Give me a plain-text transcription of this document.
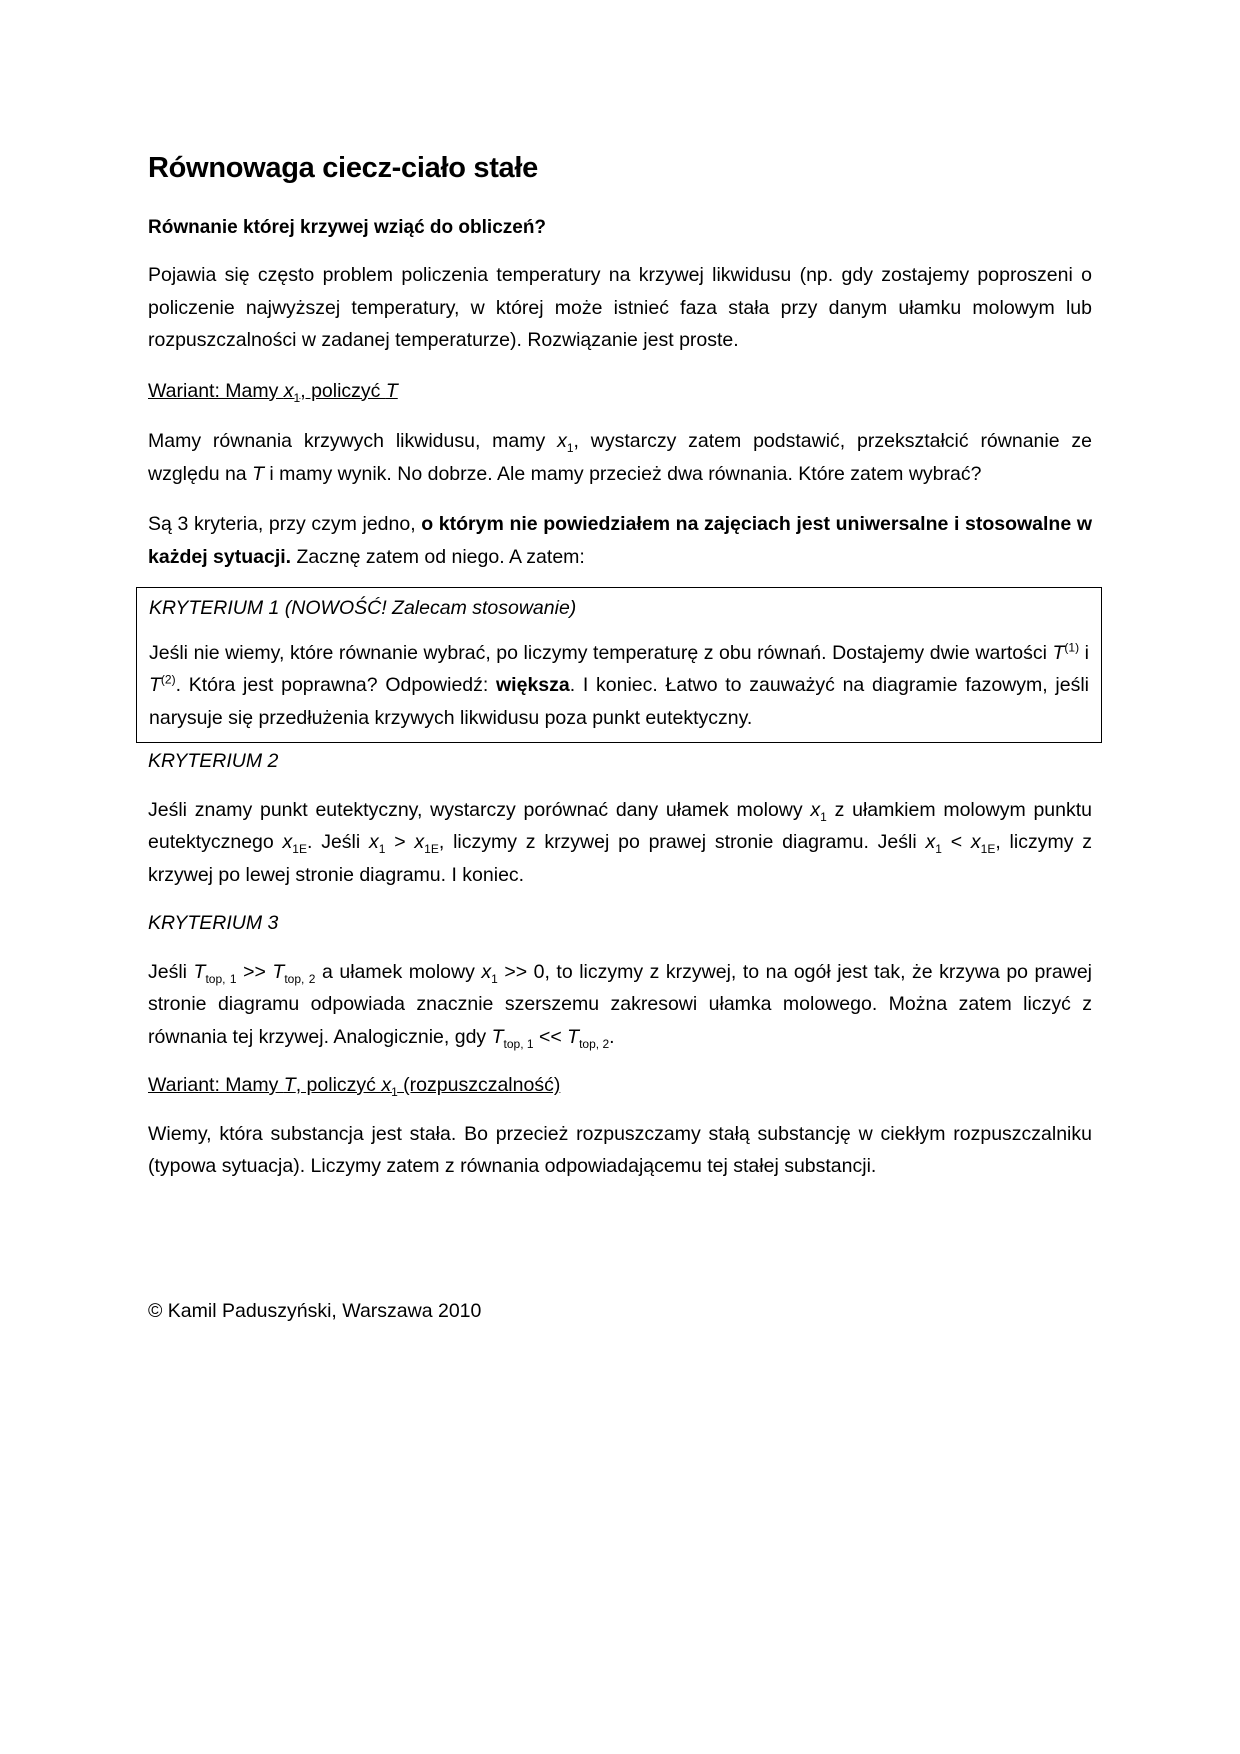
Równowaga ciecz-ciało stałe
Równanie której krzywej wziąć do obliczeń?

Pojawia się często problem policzenia temperatury na krzywej likwidusu (np. gdy zostajemy poproszeni o policzenie najwyższej temperatury, w której może istnieć faza stała przy danym ułamku molowym lub rozpuszczalności w zadanej temperaturze). Rozwiązanie jest proste.

Wariant: Mamy $x_1$, policzyć T

Mamy równania krzywych likwidusu, mamy $x_1$, wystarczy zatem podstawić, przekształcić równanie ze względu na T i mamy wynik. No dobrze. Ale mamy przecież dwa równania. Które zatem wybrać?

Są 3 kryteria, przy czym jedno, o którym nie powiedziałem na zajęciach jest uniwersalne i stosowalne w każdej sytuacji. Zacznę zatem od niego. A zatem:

KRYTERIUM 1 (NOWOŚĆ! Zalecam stosowanie)

Jeśli nie wiemy, które równanie wybrać, po liczymy temperaturę z obu równań. Dostajemy dwie wartości $T^{(1)}$ i $T^{(2)}$. Która jest poprawna? Odpowiedź: większa. I koniec. Łatwo to zauważyć na diagramie fazowym, jeśli narysuje się przedłużenia krzywych likwidusu poza punkt eutektyczny.

KRYTERIUM 2

Jeśli znamy punkt eutektyczny, wystarczy porównać dany ułamek molowy $x_1$ z ułamkiem molowym punktu eutektycznego $x_{1E}$. Jeśli $x_1 > x_{1E}$, liczymy z krzywej po prawej stronie diagramu. Jeśli $x_1 < x_{1E}$, liczymy z krzywej po lewej stronie diagramu. I koniec.

KRYTERIUM 3

Jeśli $T_{top, 1} >> T_{top, 2}$ a ułamek molowy $x_1 >> 0$, to liczymy z krzywej, to na ogół jest tak, że krzywa po prawej stronie diagramu odpowiada znacznie szerszemu zakresowi ułamka molowego. Można zatem liczyć z równania tej krzywej. Analogicznie, gdy $T_{top, 1} << T_{top, 2}$.

Wariant: Mamy T, policzyć $x_1$ (rozpuszczalność)

Wiemy, która substancja jest stała. Bo przecież rozpuszczamy stałą substancję w ciekłym rozpuszczalniku (typowa sytuacja). Liczymy zatem z równania odpowiadającemu tej stałej substancji.

© Kamil Paduszyński, Warszawa 2010
